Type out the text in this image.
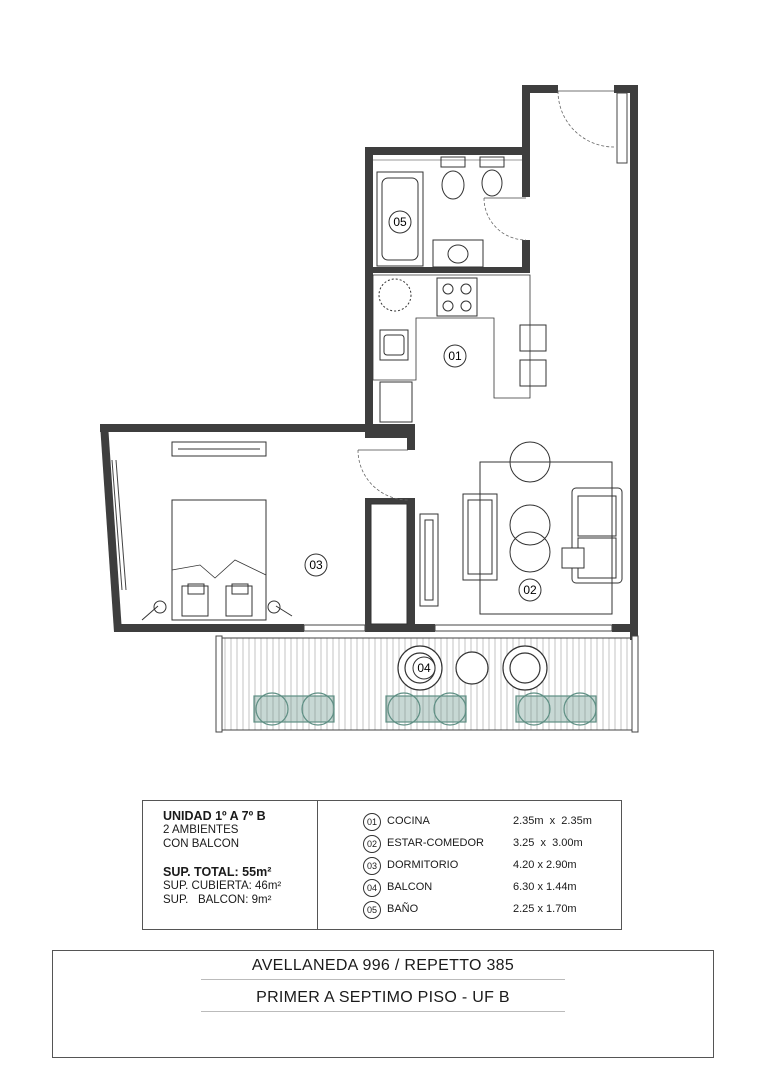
05
01
03
02
04
UNIDAD 1º A 7º B
2 AMBIENTES
CON BALCON
SUP. TOTAL: 55m²
SUP. CUBIERTA: 46m²
SUP.   BALCON: 9m²
01 COCINA	2.35m  x  2.35m
02 ESTAR-COMEDOR	3.25  x  3.00m
03 DORMITORIO	4.20 x 2.90m
04 BALCON	6.30 x 1.44m
05 BAÑO	2.25 x 1.70m
AVELLANEDA 996 / REPETTO 385
PRIMER A SEPTIMO PISO - UF B
